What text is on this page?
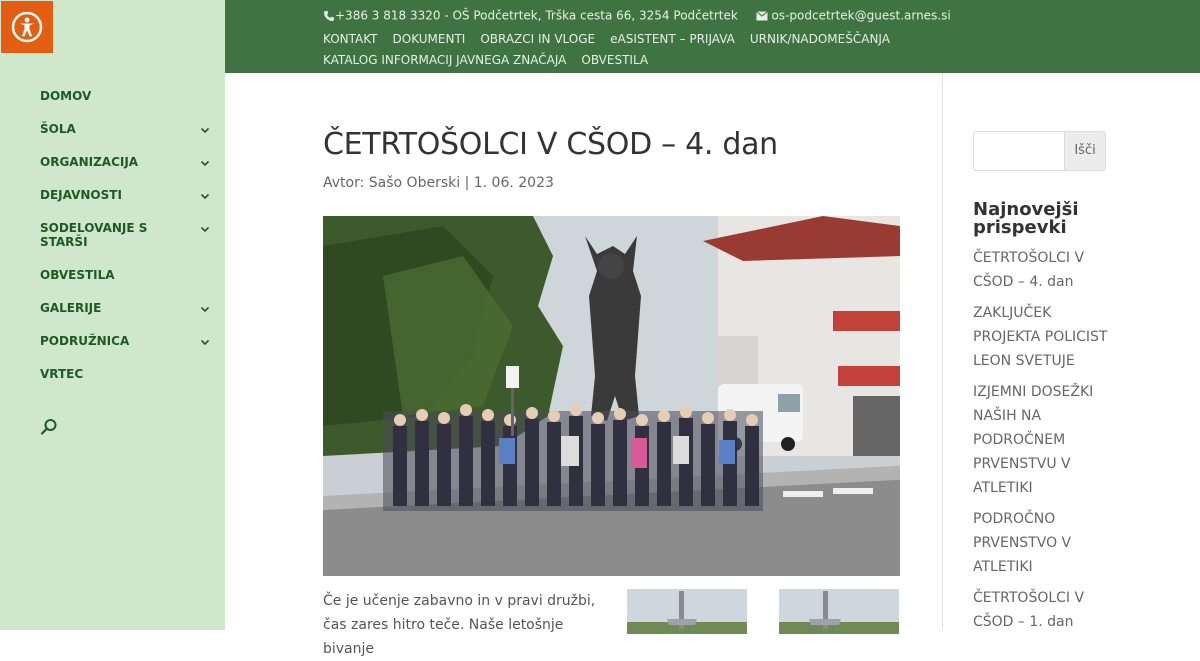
DOMOV
ŠOLA
ORGANIZACIJA
DEJAVNOSTI
SODELOVANJE S STARŠI
OBVESTILA
GALERIJE
PODRUŽNICA
VRTEC
+386 3 818 3320 - OŠ Podčetrtek, Trška cesta 66, 3254 Podčetrtek	os-podcetrtek@guest.arnes.si
KONTAKT DOKUMENTI OBRAZCI IN VLOGE eASISTENT – PRIJAVA URNIK/NADOMEŠČANJAKATALOG INFORMACIJ JAVNEGA ZNAČAJA OBVESTILA
ČETRTOŠOLCI V CŠOD – 4. dan
Avtor: Sašo Oberski | 1. 06. 2023

Če je učenje zabavno in v pravi družbi, čas zares hitro teče. Naše letošnje bivanje

Išči
Najnovejši prispevki
ČETRTOŠOLCI V CŠOD – 4. dan
ZAKLJUČEK PROJEKTA POLICIST LEON SVETUJE
IZJEMNI DOSEŽKI NAŠIH NA PODROČNEM PRVENSTVU V ATLETIKI
PODROČNO PRVENSTVO V ATLETIKI
ČETRTOŠOLCI V CŠOD – 1. dan
